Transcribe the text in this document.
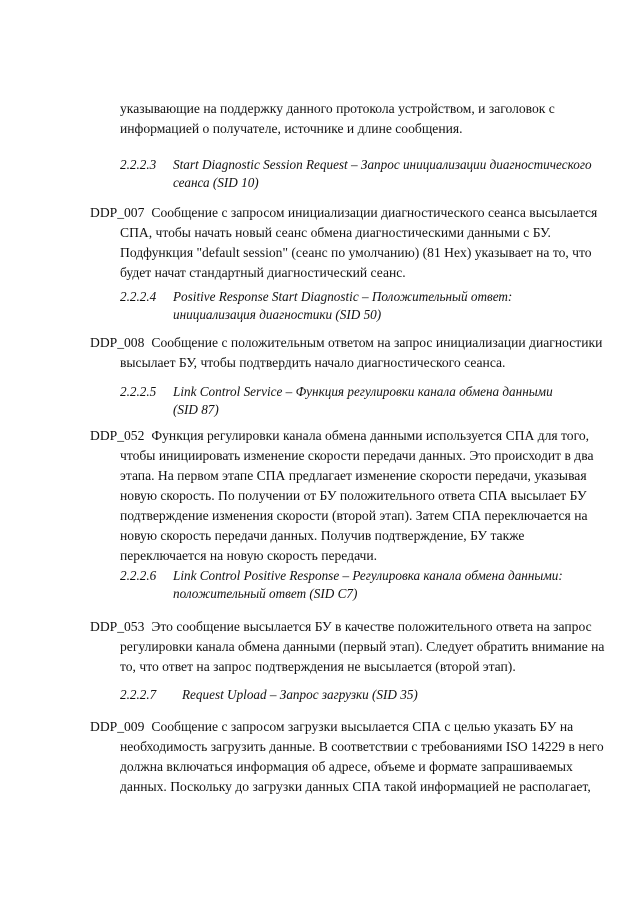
указывающие на поддержку данного протокола устройством, и заголовок с
информацией о получателе, источнике и длине сообщения.
2.2.2.3 Start Diagnostic Session Request – Запрос инициализации диагностического
сеанса (SID 10)
DDP_007 Сообщение с запросом инициализации диагностического сеанса высылается
СПА, чтобы начать новый сеанс обмена диагностическими данными с БУ.
Подфункция "default session" (сеанс по умолчанию) (81 Hex) указывает на то, что
будет начат стандартный диагностический сеанс.
2.2.2.4 Positive Response Start Diagnostic – Положительный ответ:
инициализация диагностики (SID 50)
DDP_008 Сообщение с положительным ответом на запрос инициализации диагностики
высылает БУ, чтобы подтвердить начало диагностического сеанса.
2.2.2.5 Link Control Service – Функция регулировки канала обмена данными
(SID 87)
DDP_052 Функция регулировки канала обмена данными используется СПА для того,
чтобы инициировать изменение скорости передачи данных. Это происходит в два
этапа. На первом этапе СПА предлагает изменение скорости передачи, указывая
новую скорость. По получении от БУ положительного ответа СПА высылает БУ
подтверждение изменения скорости (второй этап). Затем СПА переключается на
новую скорость передачи данных. Получив подтверждение, БУ также
переключается на новую скорость передачи.
2.2.2.6 Link Control Positive Response – Регулировка канала обмена данными:
положительный ответ (SID C7)
DDP_053 Это сообщение высылается БУ в качестве положительного ответа на запрос
регулировки канала обмена данными (первый этап). Следует обратить внимание на
то, что ответ на запрос подтверждения не высылается (второй этап).
2.2.2.7 Request Upload – Запрос загрузки (SID 35)
DDP_009 Сообщение с запросом загрузки высылается СПА с целью указать БУ на
необходимость загрузить данные. В соответствии с требованиями ISO 14229 в него
должна включаться информация об адресе, объеме и формате запрашиваемых
данных. Поскольку до загрузки данных СПА такой информацией не располагает,
